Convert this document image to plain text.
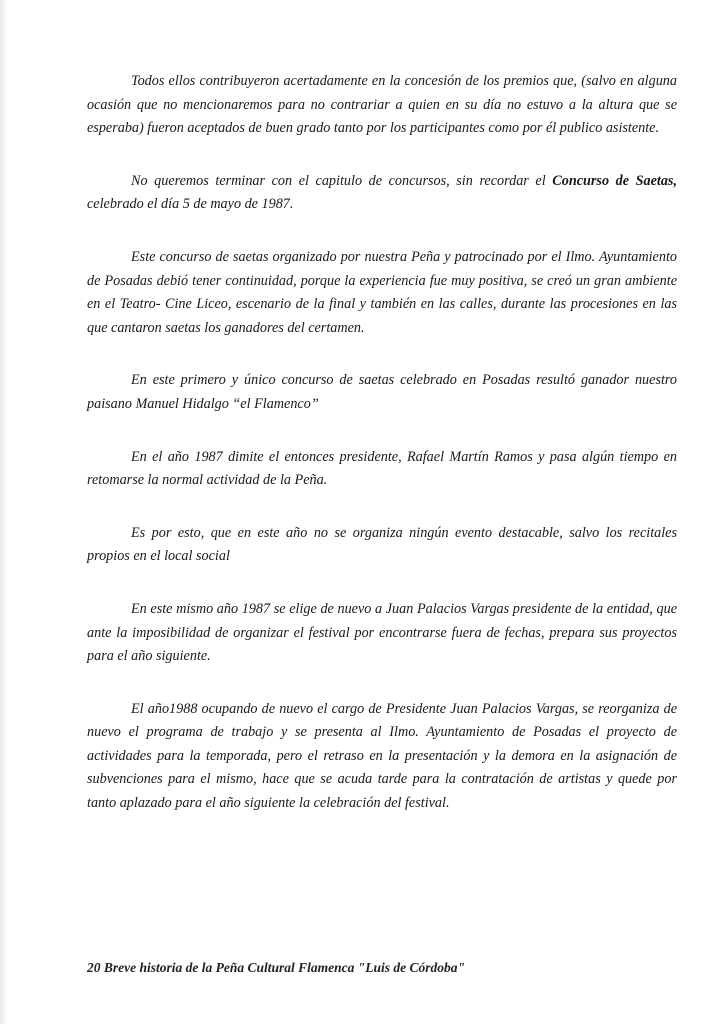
Todos ellos contribuyeron acertadamente en la concesión de los premios que, (salvo en alguna ocasión que no mencionaremos para no contrariar a quien en su día no estuvo a la altura que se esperaba) fueron aceptados de buen grado tanto por los participantes como por él publico asistente.

No queremos terminar con el capitulo de concursos, sin recordar el Concurso de Saetas, celebrado el día 5 de mayo de 1987.

Este concurso de saetas organizado por nuestra Peña y patrocinado por el Ilmo. Ayuntamiento de Posadas debió tener continuidad, porque la experiencia fue muy positiva, se creó un gran ambiente en el Teatro- Cine Liceo, escenario de la final y también en las calles, durante las procesiones en las que cantaron saetas los ganadores del certamen.

En este primero y único concurso de saetas celebrado en Posadas resultó ganador nuestro paisano Manuel Hidalgo “el Flamenco”

En el año 1987 dimite el entonces presidente, Rafael Martín Ramos y pasa algún tiempo en retomarse la normal actividad de la Peña.

Es por esto, que en este año no se organiza ningún evento destacable, salvo los recitales propios en el local social

En este mismo año 1987 se elige de nuevo a Juan Palacios Vargas presidente de la entidad, que ante la imposibilidad de organizar el festival por encontrarse fuera de fechas, prepara sus proyectos para el año siguiente.

El año1988 ocupando de nuevo el cargo de Presidente Juan Palacios Vargas, se reorganiza de nuevo el programa de trabajo y se presenta al Ilmo. Ayuntamiento de Posadas el proyecto de actividades para la temporada, pero el retraso en la presentación y la demora en la asignación de subvenciones para el mismo, hace que se acuda tarde para la contratación de artistas y quede por tanto aplazado para el año siguiente la celebración del festival.

20 Breve historia de la Peña Cultural Flamenca "Luis de Córdoba"
